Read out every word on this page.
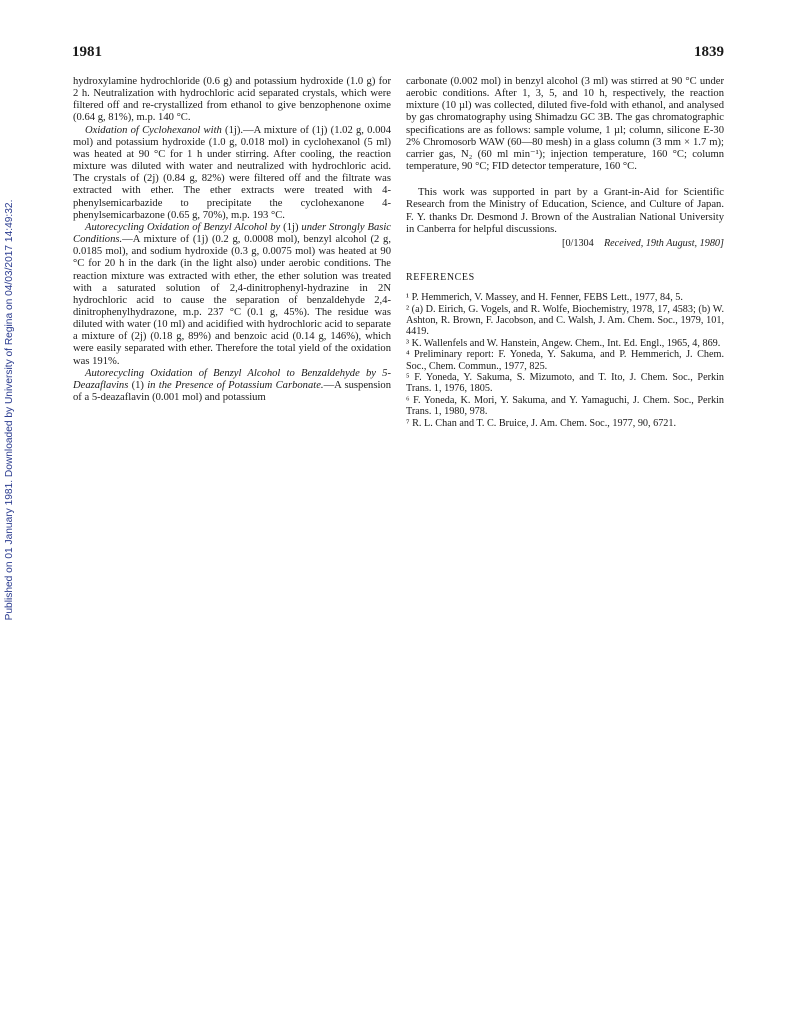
Published on 01 January 1981. Downloaded by University of Regina on 04/03/2017 14:49:32.
1981	1839

hydroxylamine hydrochloride (0.6 g) and potassium hydroxide (1.0 g) for 2 h. Neutralization with hydrochloric acid separated crystals, which were filtered off and re-crystallized from ethanol to give benzophenone oxime (0.64 g, 81%), m.p. 140 °C.

Oxidation of Cyclohexanol with (1j).—A mixture of (1j) (1.02 g, 0.004 mol) and potassium hydroxide (1.0 g, 0.018 mol) in cyclohexanol (5 ml) was heated at 90 °C for 1 h under stirring. After cooling, the reaction mixture was diluted with water and neutralized with hydrochloric acid. The crystals of (2j) (0.84 g, 82%) were filtered off and the filtrate was extracted with ether. The ether extracts were treated with 4-phenylsemicarbazide to precipitate the cyclohexanone 4-phenylsemicarbazone (0.65 g, 70%), m.p. 193 °C.

Autorecycling Oxidation of Benzyl Alcohol by (1j) under Strongly Basic Conditions.—A mixture of (1j) (0.2 g, 0.0008 mol), benzyl alcohol (2 g, 0.0185 mol), and sodium hydroxide (0.3 g, 0.0075 mol) was heated at 90 °C for 20 h in the dark (in the light also) under aerobic conditions. The reaction mixture was extracted with ether, the ether solution was treated with a saturated solution of 2,4-dinitrophenyl-hydrazine in 2N hydrochloric acid to cause the separation of benzaldehyde 2,4-dinitrophenylhydrazone, m.p. 237 °C (0.1 g, 45%). The residue was diluted with water (10 ml) and acidified with hydrochloric acid to separate a mixture of (2j) (0.18 g, 89%) and benzoic acid (0.14 g, 146%), which were easily separated with ether. Therefore the total yield of the oxidation was 191%.

Autorecycling Oxidation of Benzyl Alcohol to Benzaldehyde by 5-Deazaflavins (1) in the Presence of Potassium Carbonate.—A suspension of a 5-deazaflavin (0.001 mol) and potassium

carbonate (0.002 mol) in benzyl alcohol (3 ml) was stirred at 90 °C under aerobic conditions. After 1, 3, 5, and 10 h, respectively, the reaction mixture (10 µl) was collected, diluted five-fold with ethanol, and analysed by gas chromatography using Shimadzu GC 3B. The gas chromatographic specifications are as follows: sample volume, 1 µl; column, silicone E-30 2% Chromosorb WAW (60—80 mesh) in a glass column (3 mm × 1.7 m); carrier gas, N₂ (60 ml min⁻¹); injection temperature, 160 °C; column temperature, 90 °C; FID detector temperature, 160 °C.

This work was supported in part by a Grant-in-Aid for Scientific Research from the Ministry of Education, Science, and Culture of Japan. F. Y. thanks Dr. Desmond J. Brown of the Australian National University in Canberra for helpful discussions.

[0/1304 Received, 19th August, 1980]
REFERENCES

¹ P. Hemmerich, V. Massey, and H. Fenner, FEBS Lett., 1977, 84, 5.

² (a) D. Eirich, G. Vogels, and R. Wolfe, Biochemistry, 1978, 17, 4583; (b) W. Ashton, R. Brown, F. Jacobson, and C. Walsh, J. Am. Chem. Soc., 1979, 101, 4419.

³ K. Wallenfels and W. Hanstein, Angew. Chem., Int. Ed. Engl., 1965, 4, 869.

⁴ Preliminary report: F. Yoneda, Y. Sakuma, and P. Hemmerich, J. Chem. Soc., Chem. Commun., 1977, 825.

⁵ F. Yoneda, Y. Sakuma, S. Mizumoto, and T. Ito, J. Chem. Soc., Perkin Trans. 1, 1976, 1805.

⁶ F. Yoneda, K. Mori, Y. Sakuma, and Y. Yamaguchi, J. Chem. Soc., Perkin Trans. 1, 1980, 978.

⁷ R. L. Chan and T. C. Bruice, J. Am. Chem. Soc., 1977, 90, 6721.
